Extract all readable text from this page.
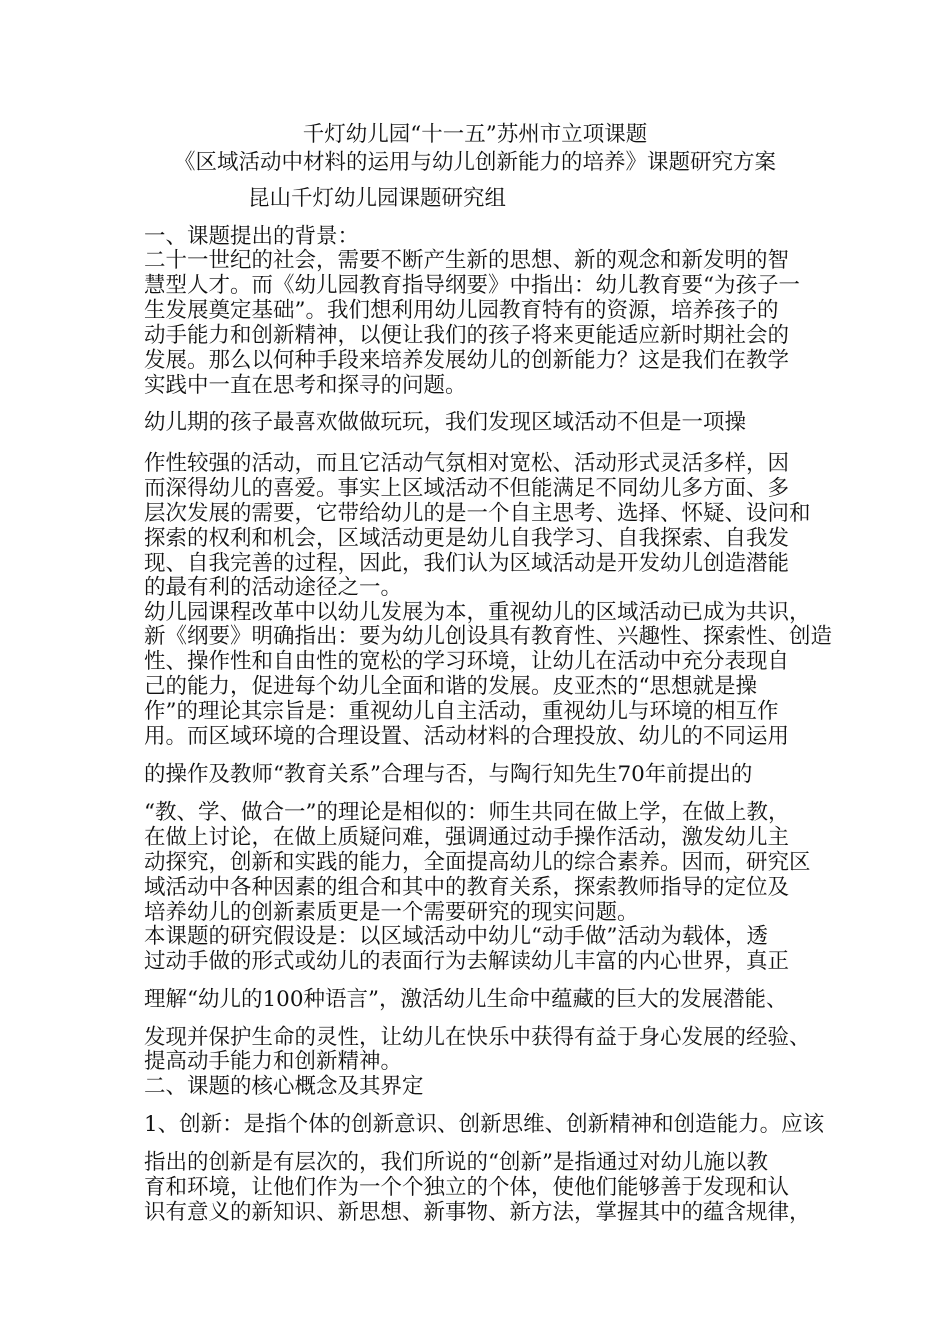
千灯幼儿园“十一五”苏州市立项课题
《区域活动中材料的运用与幼儿创新能力的培养》课题研究方案
昆山千灯幼儿园课题研究组
一、课题提出的背景：
二十一世纪的社会，需要不断产生新的思想、新的观念和新发明的智
慧型人才。而《幼儿园教育指导纲要》中指出：幼儿教育要“为孩子一
生发展奠定基础”。我们想利用幼儿园教育特有的资源，培养孩子的
动手能力和创新精神，以便让我们的孩子将来更能适应新时期社会的
发展。那么以何种手段来培养发展幼儿的创新能力？这是我们在教学
实践中一直在思考和探寻的问题。
幼儿期的孩子最喜欢做做玩玩，我们发现区域活动不但是一项操
作性较强的活动，而且它活动气氛相对宽松、活动形式灵活多样，因
而深得幼儿的喜爱。事实上区域活动不但能满足不同幼儿多方面、多
层次发展的需要，它带给幼儿的是一个自主思考、选择、怀疑、设问和
探索的权利和机会，区域活动更是幼儿自我学习、自我探索、自我发
现、自我完善的过程，因此，我们认为区域活动是开发幼儿创造潜能
的最有利的活动途径之一。
幼儿园课程改革中以幼儿发展为本，重视幼儿的区域活动已成为共识，
新《纲要》明确指出：要为幼儿创设具有教育性、兴趣性、探索性、创造
性、操作性和自由性的宽松的学习环境，让幼儿在活动中充分表现自
己的能力，促进每个幼儿全面和谐的发展。皮亚杰的“思想就是操
作”的理论其宗旨是：重视幼儿自主活动，重视幼儿与环境的相互作
用。而区域环境的合理设置、活动材料的合理投放、幼儿的不同运用
的操作及教师“教育关系”合理与否，与陶行知先生70年前提出的
“教、学、做合一”的理论是相似的：师生共同在做上学，在做上教，
在做上讨论，在做上质疑问难，强调通过动手操作活动，激发幼儿主
动探究，创新和实践的能力，全面提高幼儿的综合素养。因而，研究区
域活动中各种因素的组合和其中的教育关系，探索教师指导的定位及
培养幼儿的创新素质更是一个需要研究的现实问题。
本课题的研究假设是：以区域活动中幼儿“动手做”活动为载体，透
过动手做的形式或幼儿的表面行为去解读幼儿丰富的内心世界，真正
理解“幼儿的100种语言”，激活幼儿生命中蕴藏的巨大的发展潜能、
发现并保护生命的灵性，让幼儿在快乐中获得有益于身心发展的经验、
提高动手能力和创新精神。
二、课题的核心概念及其界定
1、创新：是指个体的创新意识、创新思维、创新精神和创造能力。应该
指出的创新是有层次的，我们所说的“创新”是指通过对幼儿施以教
育和环境，让他们作为一个个独立的个体，使他们能够善于发现和认
识有意义的新知识、新思想、新事物、新方法，掌握其中的蕴含规律，
